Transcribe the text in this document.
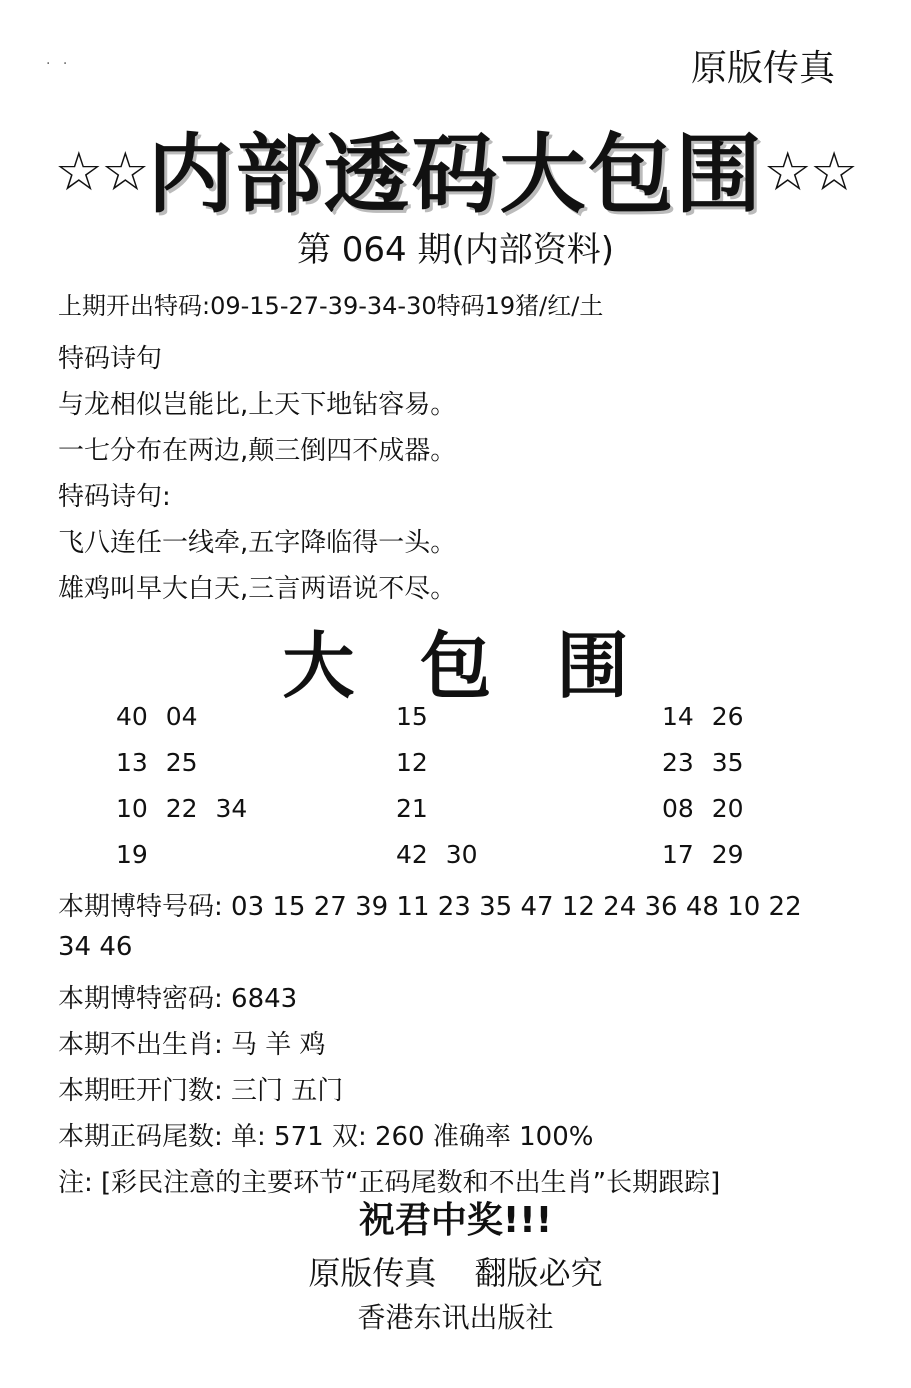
. .	原版传真
☆☆内部透码大包围☆☆
第 064 期(内部资料)
上期开出特码:09-15-27-39-34-30特码19猪/红/土
特码诗句
与龙相似岂能比,上天下地钻容易。
一七分布在两边,颠三倒四不成器。
特码诗句:
飞八连任一线牵,五字降临得一头。
雄鸡叫早大白天,三言两语说不尽。
大 包 围
40 04	15	14 26
13 25	12	23 35
10 22 34	21	08 20
19	42 30	17 29
本期博特号码: 03 15 27 39 11 23 35 47 12 24 36 48 10 22
34 46
本期博特密码: 6843
本期不出生肖: 马 羊 鸡
本期旺开门数: 三门 五门
本期正码尾数: 单: 571 双: 260 准确率 100%
注: [彩民注意的主要环节“正码尾数和不出生肖”长期跟踪]
祝君中奖!!!
原版传真 翻版必究
香港东讯出版社
